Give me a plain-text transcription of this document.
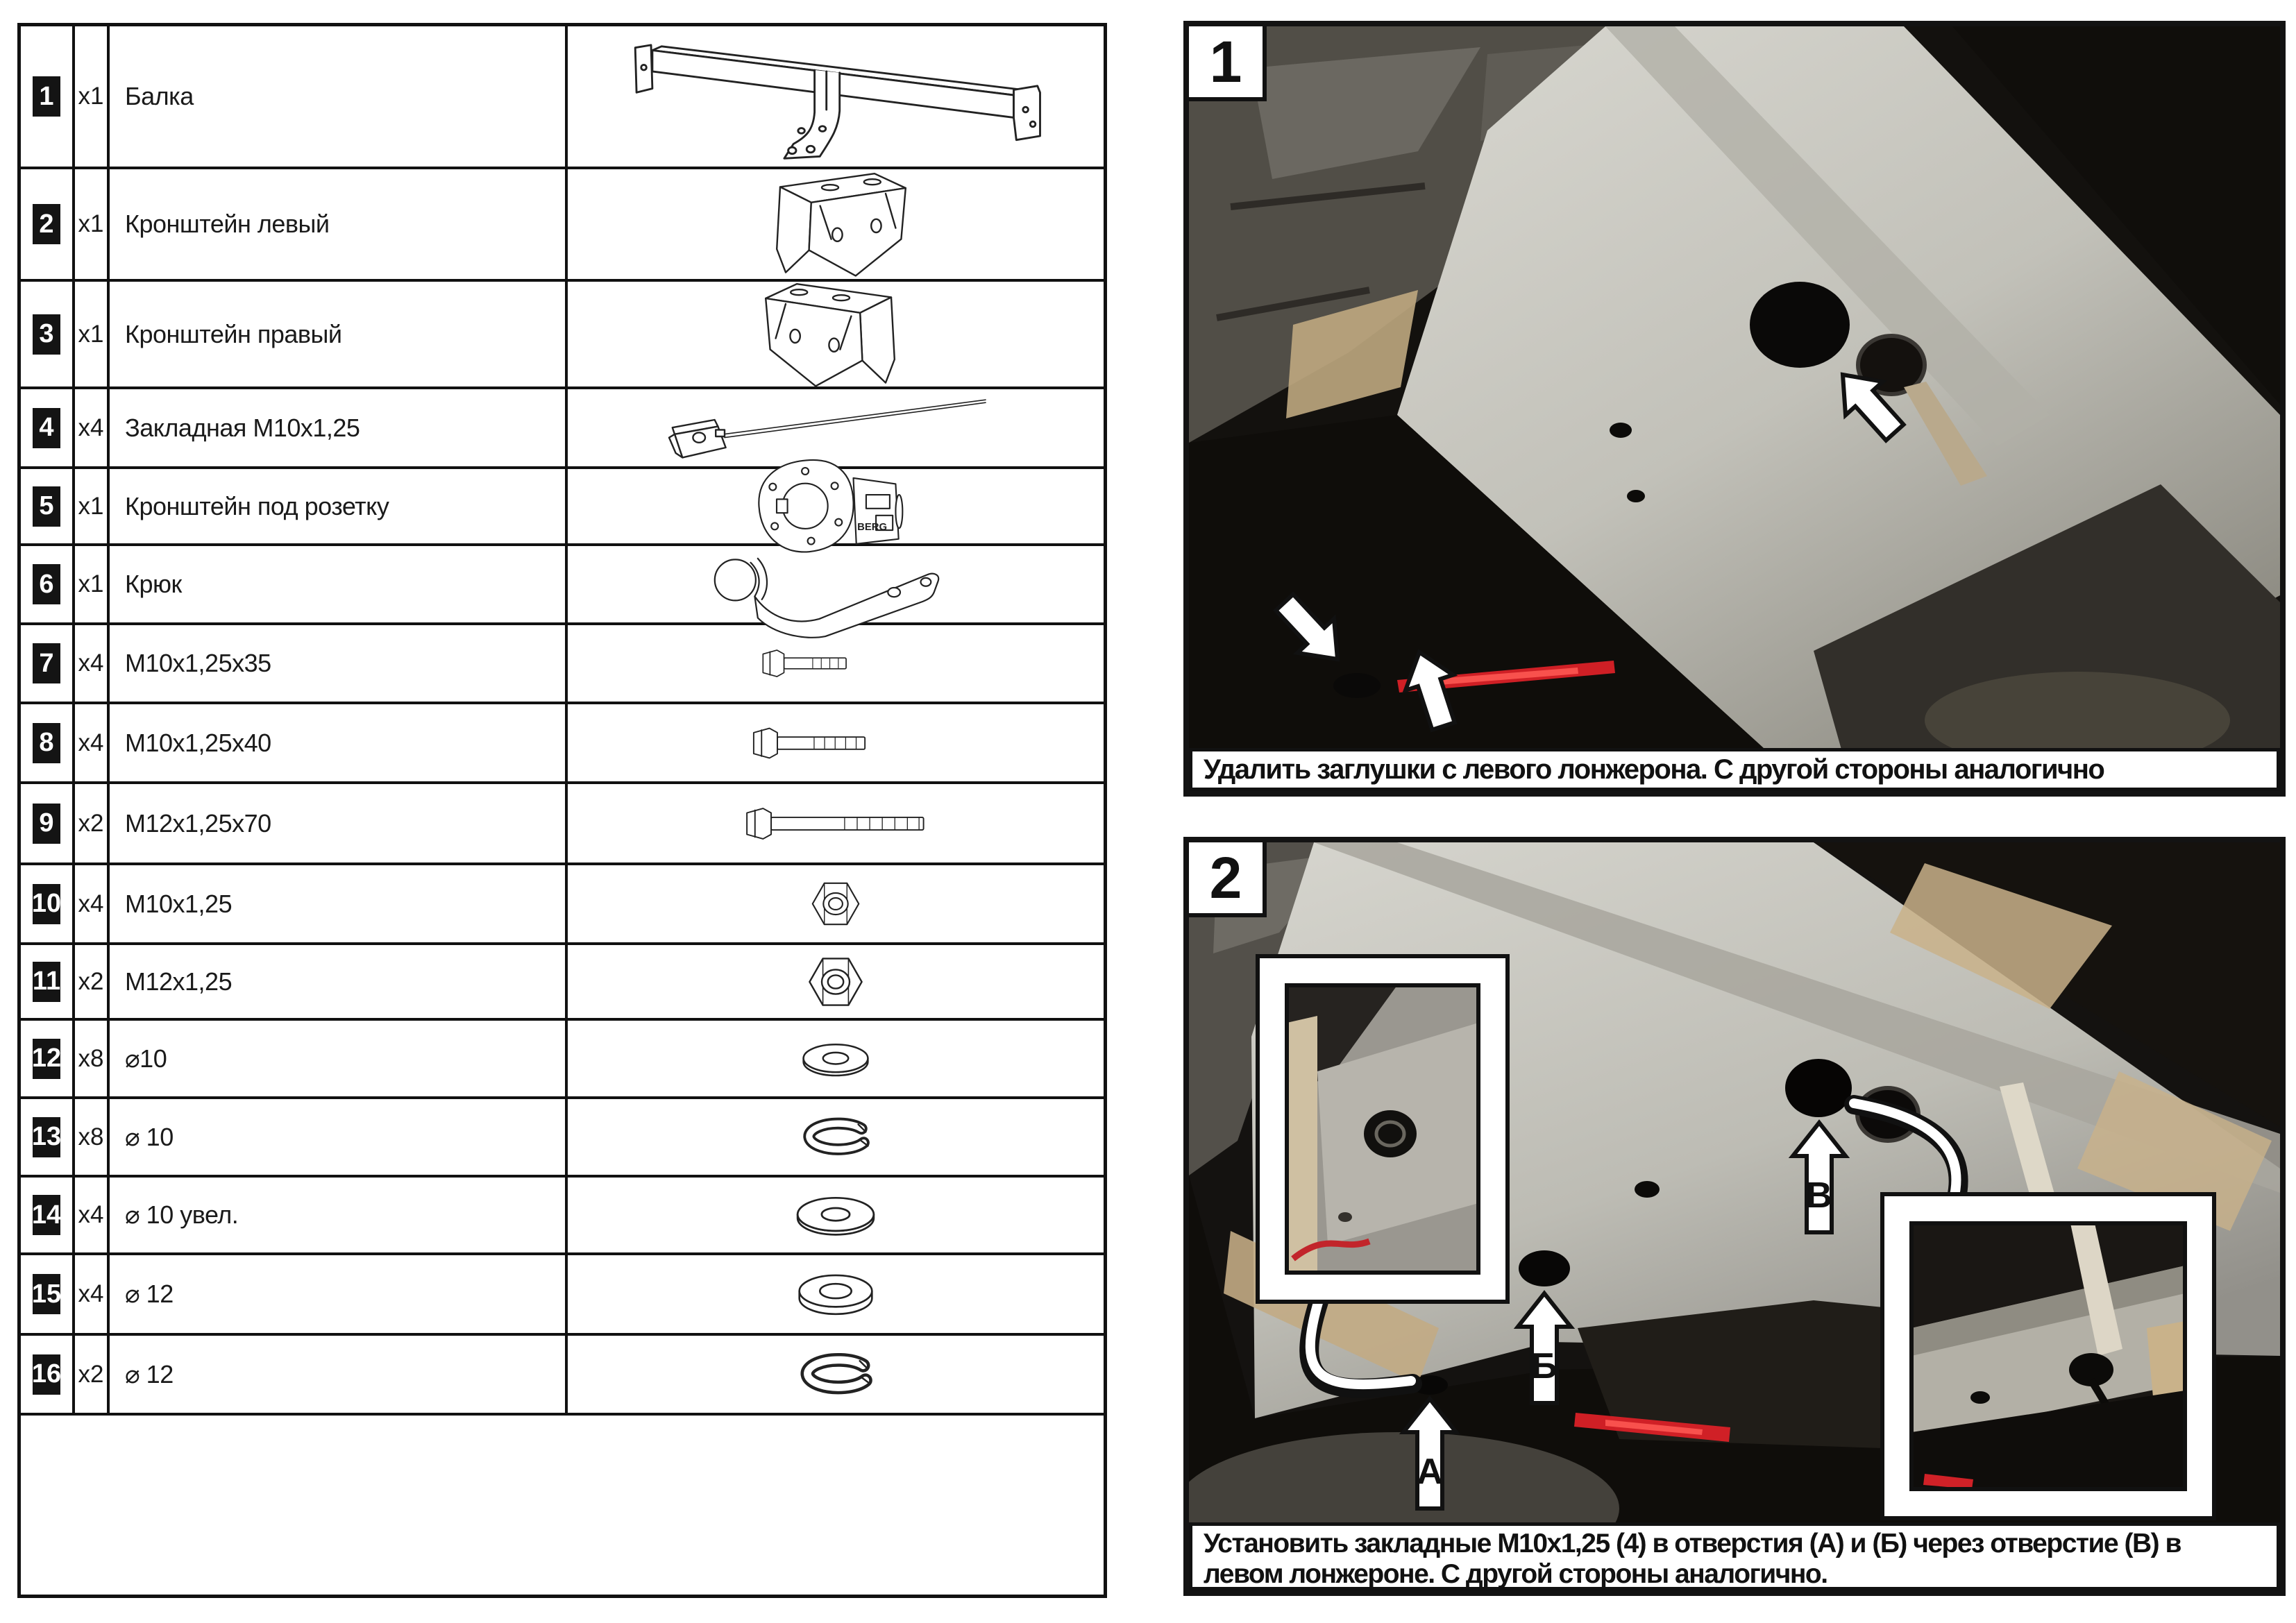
1 x1 Балка
2 x1 Кронштейн левый
3 x1 Кронштейн правый
4 x4 Закладная М10х1,25
5 x1 Кронштейн под розетку
BERG
6 x1 Крюк
7 x4 М10х1,25х35
8 x4 М10х1,25х40
9 x2 М12х1,25х70
10 x4 М10х1,25
11 x2 М12х1,25
12 x8 ⌀10
13 x8 ⌀ 10
14 x4 ⌀ 10 увел.
15 x4 ⌀ 12
16 x2 ⌀ 12
1
Удалить заглушки с левого лонжерона. С другой стороны аналогично
2
В
Б
А
Установить закладные М10х1,25 (4) в отверстия (А) и (Б) через отверстие (В) в левом лонжероне. С другой стороны аналогично.
